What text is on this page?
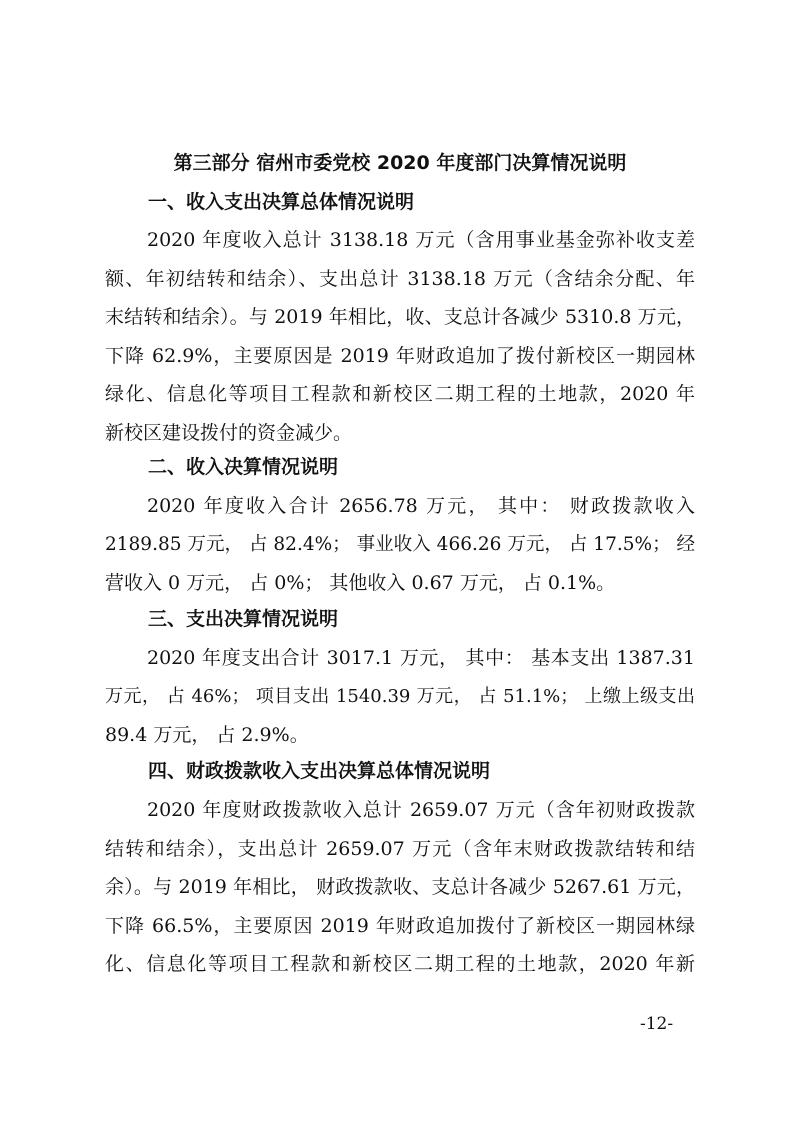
第三部分 宿州市委党校 2020 年度部门决算情况说明
一、收入支出决算总体情况说明
2020 年度收入总计 3138.18 万元（含用事业基金弥补收支差
额、年初结转和结余）、支出总计 3138.18 万元（含结余分配、年
末结转和结余）。与 2019 年相比，收、支总计各减少 5310.8 万元，
下降 62.9%，主要原因是 2019 年财政追加了拨付新校区一期园林
绿化、信息化等项目工程款和新校区二期工程的土地款，2020 年
新校区建设拨付的资金减少。
二、收入决算情况说明
2020 年度收入合计 2656.78 万元， 其中： 财政拨款收入
2189.85 万元， 占 82.4%； 事业收入 466.26 万元， 占 17.5%； 经
营收入 0 万元， 占 0%； 其他收入 0.67 万元， 占 0.1%。
三、支出决算情况说明
2020 年度支出合计 3017.1 万元， 其中： 基本支出 1387.31
万元， 占 46%； 项目支出 1540.39 万元， 占 51.1%； 上缴上级支出
89.4 万元， 占 2.9%。
四、财政拨款收入支出决算总体情况说明
2020 年度财政拨款收入总计 2659.07 万元（含年初财政拨款
结转和结余），支出总计 2659.07 万元（含年末财政拨款结转和结
余）。与 2019 年相比， 财政拨款收、支总计各减少 5267.61 万元，
下降 66.5%，主要原因 2019 年财政追加拨付了新校区一期园林绿
化、信息化等项目工程款和新校区二期工程的土地款，2020 年新
-12-
